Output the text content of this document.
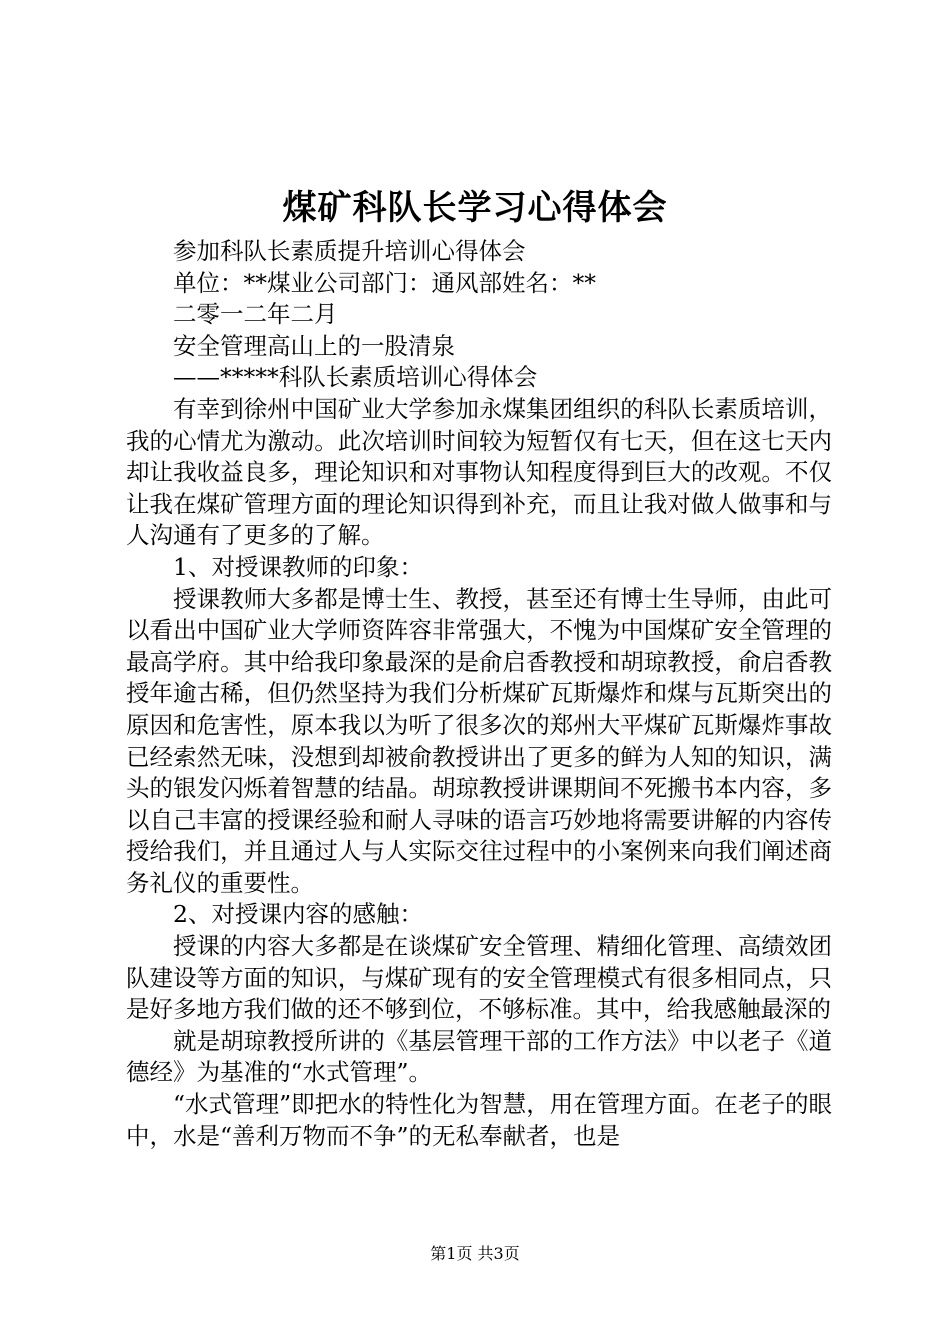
煤矿科队长学习心得体会

参加科队长素质提升培训心得体会

单位：**煤业公司部门：通风部姓名：**

二零一二年二月

安全管理高山上的一股清泉

——*****科队长素质培训心得体会

有幸到徐州中国矿业大学参加永煤集团组织的科队长素质培训，我的心情尤为激动。此次培训时间较为短暂仅有七天，但在这七天内却让我收益良多，理论知识和对事物认知程度得到巨大的改观。不仅让我在煤矿管理方面的理论知识得到补充，而且让我对做人做事和与人沟通有了更多的了解。

1、对授课教师的印象：

授课教师大多都是博士生、教授，甚至还有博士生导师，由此可以看出中国矿业大学师资阵容非常强大，不愧为中国煤矿安全管理的最高学府。其中给我印象最深的是俞启香教授和胡琼教授，俞启香教授年逾古稀，但仍然坚持为我们分析煤矿瓦斯爆炸和煤与瓦斯突出的原因和危害性，原本我以为听了很多次的郑州大平煤矿瓦斯爆炸事故已经索然无味，没想到却被俞教授讲出了更多的鲜为人知的知识，满头的银发闪烁着智慧的结晶。胡琼教授讲课期间不死搬书本内容，多以自己丰富的授课经验和耐人寻味的语言巧妙地将需要讲解的内容传授给我们，并且通过人与人实际交往过程中的小案例来向我们阐述商务礼仪的重要性。

2、对授课内容的感触：

授课的内容大多都是在谈煤矿安全管理、精细化管理、高绩效团队建设等方面的知识，与煤矿现有的安全管理模式有很多相同点，只是好多地方我们做的还不够到位，不够标准。其中，给我感触最深的

就是胡琼教授所讲的《基层管理干部的工作方法》中以老子《道德经》为基准的“水式管理”。

“水式管理”即把水的特性化为智慧，用在管理方面。在老子的眼中，水是“善利万物而不争”的无私奉献者，也是

第1页 共3页
